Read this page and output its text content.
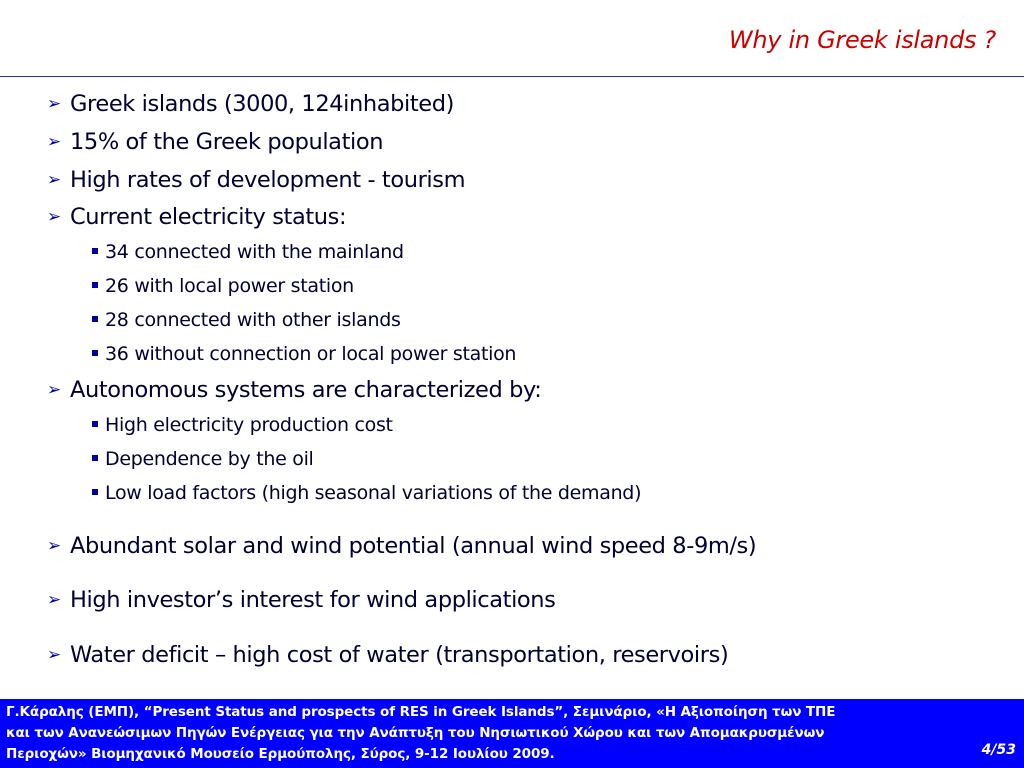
Why in Greek islands ?
➢ Greek islands (3000, 124inhabited)
➢ 15% of the Greek population
➢ High rates of development - tourism
➢ Current electricity status:
34 connected with the mainland
26 with local power station
28 connected with other islands
36 without connection or local power station
➢ Autonomous systems are characterized by:
High electricity production cost
Dependence by the oil
Low load factors (high seasonal variations of the demand)
➢ Abundant solar and wind potential (annual wind speed 8-9m/s)
➢ High investor’s interest for wind applications
➢ Water deficit – high cost of water (transportation, reservoirs)

Γ.Κάραλης (ΕΜΠ), “Present Status and prospects of RES in Greek Islands”, Σεμινάριο, «Η Αξιοποίηση των ΤΠΕ
και των Ανανεώσιμων Πηγών Ενέργειας για την Ανάπτυξη του Νησιωτικού Χώρου και των Απομακρυσμένων
Περιοχών» Βιομηχανικό Μουσείο Ερμούπολης, Σύρος, 9-12 Ιουλίου 2009.	4/53
